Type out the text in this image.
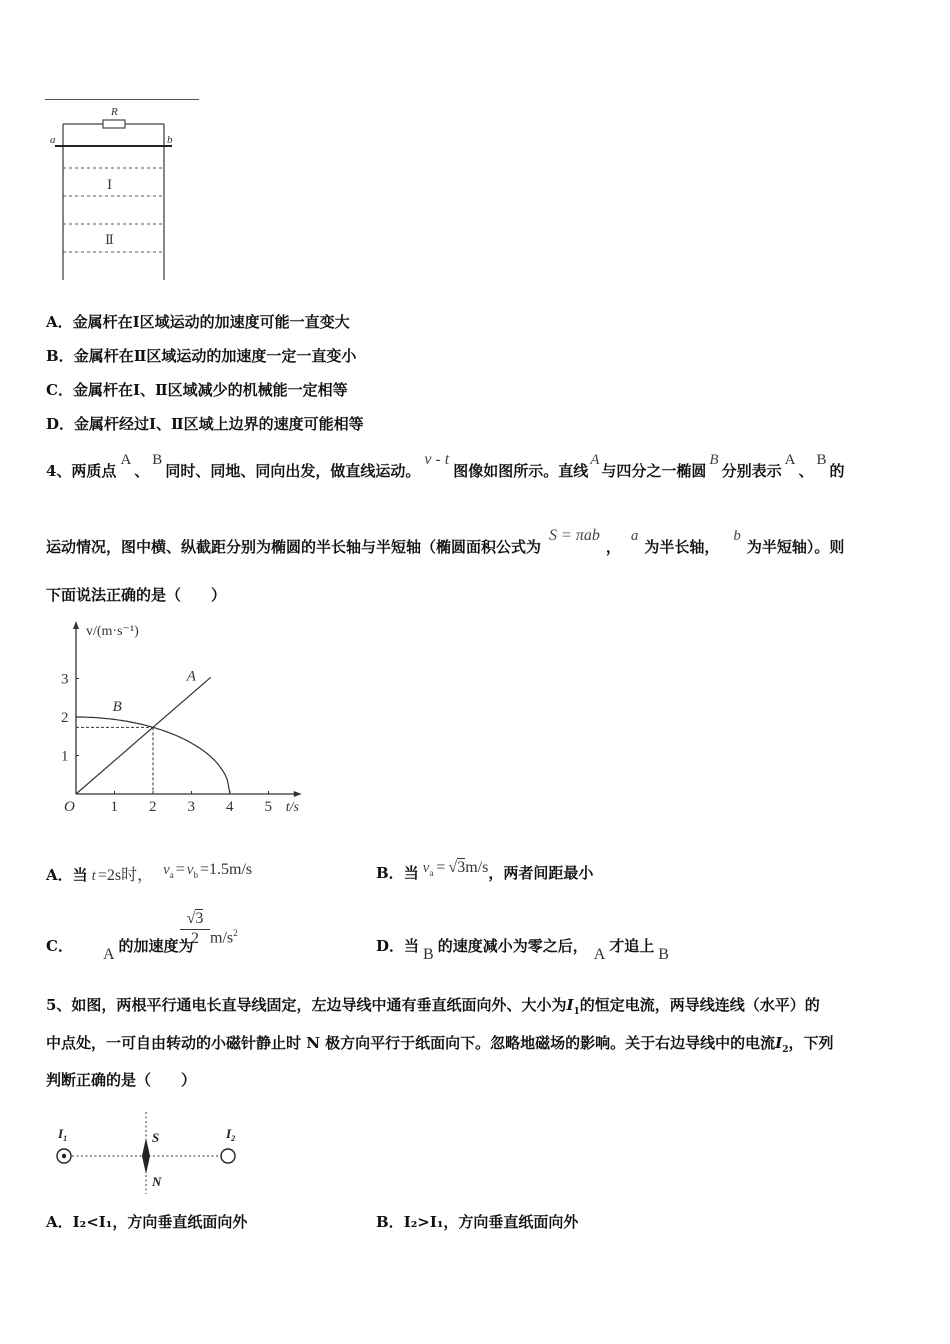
R
a	b
Ⅰ
Ⅱ
A．金属杆在Ⅰ区域运动的加速度可能一直变大
B．金属杆在Ⅱ区域运动的加速度一定一直变小
C．金属杆在Ⅰ、Ⅱ区域减少的机械能一定相等
D．金属杆经过Ⅰ、Ⅱ区域上边界的速度可能相等
4、两质点A、B同时、同地、同向出发，做直线运动。v - t图像如图所示。直线A与四分之一椭圆B分别表示A、B的
运动情况，图中横、纵截距分别为椭圆的半长轴与半短轴（椭圆面积公式为S = πab，a为半长轴，b为半短轴）。则
下面说法正确的是（　　）
1 2 3 4 5
1
2
3
O	t/s
v/(m·s⁻¹)
A
B
A．当 t =2s时， $v_a = v_b =1.5m/s$	B．当 $v_a = √3m/s$，两者间距最小
C． A 的加速度为
√3
2 $m/s^2$
D．当 B 的速度减小为零之后， A 才追上 B
5、如图，两根平行通电长直导线固定，左边导线中通有垂直纸面向外、大小为$I_1$的恒定电流，两导线连线（水平）的
中点处，一可自由转动的小磁针静止时 N 极方向平行于纸面向下。忽略地磁场的影响。关于右边导线中的电流$I_2$，下列
判断正确的是（　　）
$I_1$	$I_2$
S
N
A．I₂<I₁，方向垂直纸面向外	B．I₂>I₁，方向垂直纸面向外
